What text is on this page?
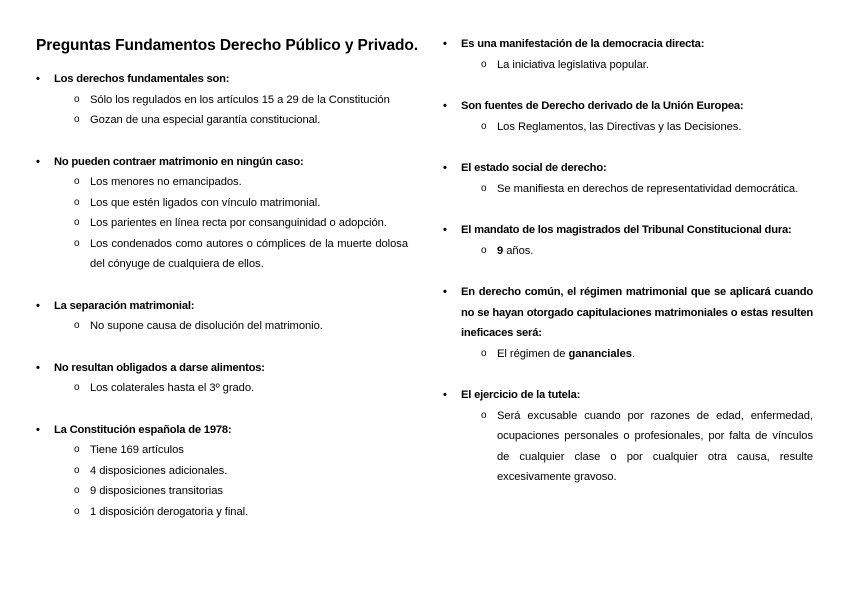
Preguntas Fundamentos Derecho Público y Privado.
•	Los derechos fundamentales son:
o Sólo los regulados en los artículos 15 a 29 de la Constitución
o Gozan de una especial garantía constitucional.
•	No pueden contraer matrimonio en ningún caso:
o Los menores no emancipados.
o Los que estén ligados con vínculo matrimonial.
o Los parientes en línea recta por consanguinidad o adopción.
o Los condenados como autores o cómplices de la muerte dolosa del cónyuge de cualquiera de ellos.
•	La separación matrimonial:
o No supone causa de disolución del matrimonio.
•	No resultan obligados a darse alimentos:
o Los colaterales hasta el 3º grado.
•	La Constitución española de 1978:
o Tiene 169 artículos
o 4 disposiciones adicionales.
o 9 disposiciones transitorias
o 1 disposición derogatoria y final.
•	Es una manifestación de la democracia directa:
o La iniciativa legislativa popular.
•	Son fuentes de Derecho derivado de la Unión Europea:
o Los Reglamentos, las Directivas y las Decisiones.
•	El estado social de derecho:
o Se manifiesta en derechos de representatividad democrática.
•	El mandato de los magistrados del Tribunal Constitucional dura:
o 9 años.
•	En derecho común, el régimen matrimonial que se aplicará cuando no se hayan otorgado capitulaciones matrimoniales o estas resulten ineficaces será:
o El régimen de gananciales.
•	El ejercicio de la tutela:
o Será excusable cuando por razones de edad, enfermedad, ocupaciones personales o profesionales, por falta de vínculos de cualquier clase o por cualquier otra causa, resulte excesivamente gravoso.
